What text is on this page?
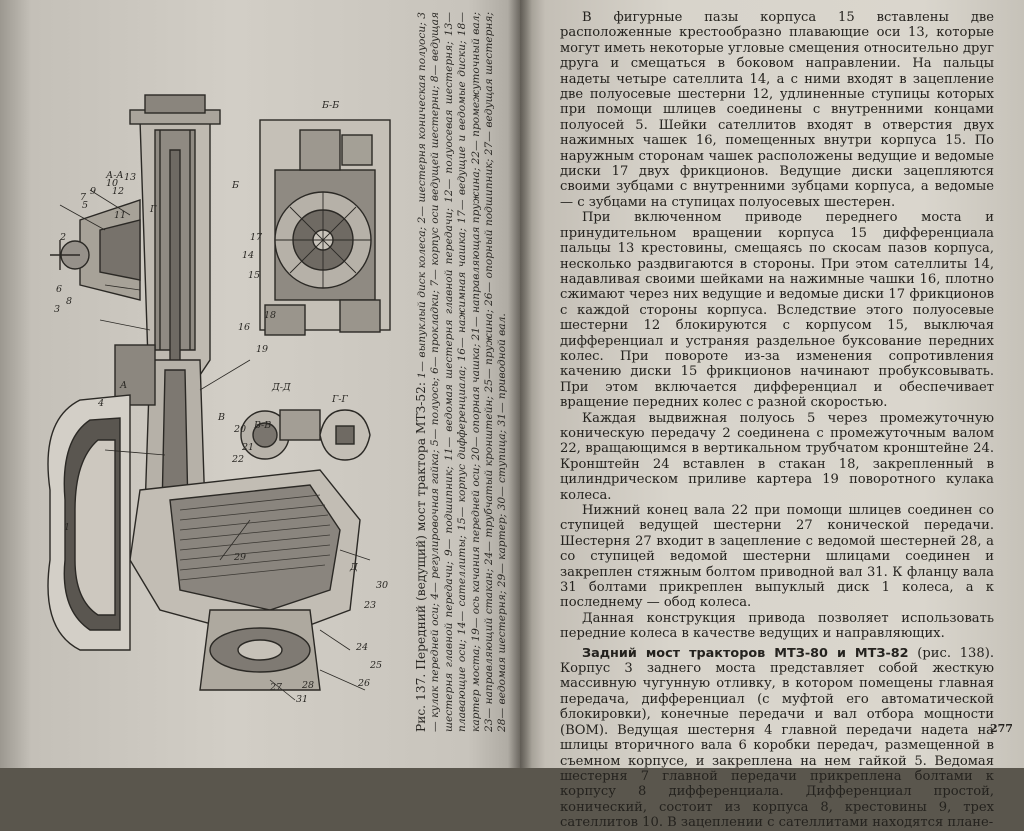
Г
А-А
Б-Б
В-В
Г-Г
Д-Д
А
Б
В
Д
1
2
3
4
5
6
7
8
9
10
11
12
13
14
15
16
17
18
19
20
21
22
23
24
25
26
27 28
29
30
31	Рис. 137. Передний (ведущий) мост трактора МТЗ-52: 1— выпуклый диск колеса; 2— шестерня коническая полуоси; 3— кулак передней оси; 4— регулировочная гайка; 5— полуось; 6— прокладки; 7— корпус оси ведущей шестерни; 8— ведущая шестерня главной передачи; 9— подшипник; 11— ведомая шестерня главной передачи; 12— полуосевая шестерня; 13— плавающие оси; 14— сателлиты; 15— корпус дифференциала; 16— нажимная чашка; 17— ведущие и ведомые диски; 18— картер моста; 19— ось качания передней оси; 20— опорная чашка; 21— направляющая пружина; 22— промежуточный вал; 23— направляющий стакан; 24— трубчатый кронштейн; 25— пружина; 26— опорный подшипник; 27— ведущая шестерня; 28— ведомая шестерня; 29— картер; 30— ступица; 31— приводной вал.

В фигурные пазы корпуса 15 вставлены две расположенные крестообразно плавающие оси 13, которые могут иметь некоторые угловые смещения относительно друг друга и смещаться в боковом направлении. На пальцы надеты четыре сателлита 14, а с ними входят в зацепление две полуосевые шестерни 12, удлиненные ступицы которых при помощи шлицев соединены с внутренними концами полуосей 5. Шейки сателлитов входят в отверстия двух нажимных чашек 16, помещенных внутри корпуса 15. По наружным сторонам чашек расположены ведущие и ведомые диски 17 двух фрикционов. Ведущие диски зацепляются своими зубцами с внутренними зубцами корпуса, а ведомые — с зубцами на ступицах полуосевых шестерен.

При включенном приводе переднего моста и принудительном вращении корпуса 15 дифференциала пальцы 13 крестовины, смещаясь по скосам пазов корпуса, несколько раздвигаются в стороны. При этом сателлиты 14, надавливая своими шейками на нажимные чашки 16, плотно сжимают через них ведущие и ведомые диски 17 фрикционов с каждой стороны корпуса. Вследствие этого полуосевые шестерни 12 блокируются с корпусом 15, выключая дифференциал и устраняя раздельное буксование передних колес. При повороте из-за изменения сопротивления качению диски 15 фрикционов начинают пробуксовывать. При этом включается дифференциал и обеспечивает вращение передних колес с разной скоростью.

Каждая выдвижная полуось 5 через промежуточную коническую передачу 2 соединена с промежуточным валом 22, вращающимся в вертикальном трубчатом кронштейне 24. Кронштейн 24 вставлен в стакан 18, закрепленный в цилиндрическом приливе картера 19 поворотного кулака колеса.

Нижний конец вала 22 при помощи шлицев соединен со ступицей ведущей шестерни 27 конической передачи. Шестерня 27 входит в зацепление с ведомой шестерней 28, а со ступицей ведомой шестерни шлицами соединен и закреплен стяжным болтом приводной вал 31. К фланцу вала 31 болтами прикреплен выпуклый диск 1 колеса, а к последнему — обод колеса.

Данная конструкция привода позволяет использовать передние колеса в качестве ведущих и направляющих.

Задний мост тракторов МТЗ-80 и МТЗ-82 (рис. 138). Корпус 3 заднего моста представляет собой жесткую массивную чугунную отливку, в котором помещены главная передача, дифференциал (с муфтой его автоматической блокировки), конечные передачи и вал отбора мощности (ВОМ). Ведущая шестерня 4 главной передачи надета на шлицы вторичного вала 6 коробки передач, размещенной в съемном корпусе, и закреплена на нем гайкой 5. Ведомая шестерня 7 главной передачи прикреплена болтами к корпусу 8 дифференциала. Дифференциал простой, конический, состоит из корпуса 8, крестовины 9, трех сателлитов 10. В зацеплении с сателлитами находятся плане-

277
